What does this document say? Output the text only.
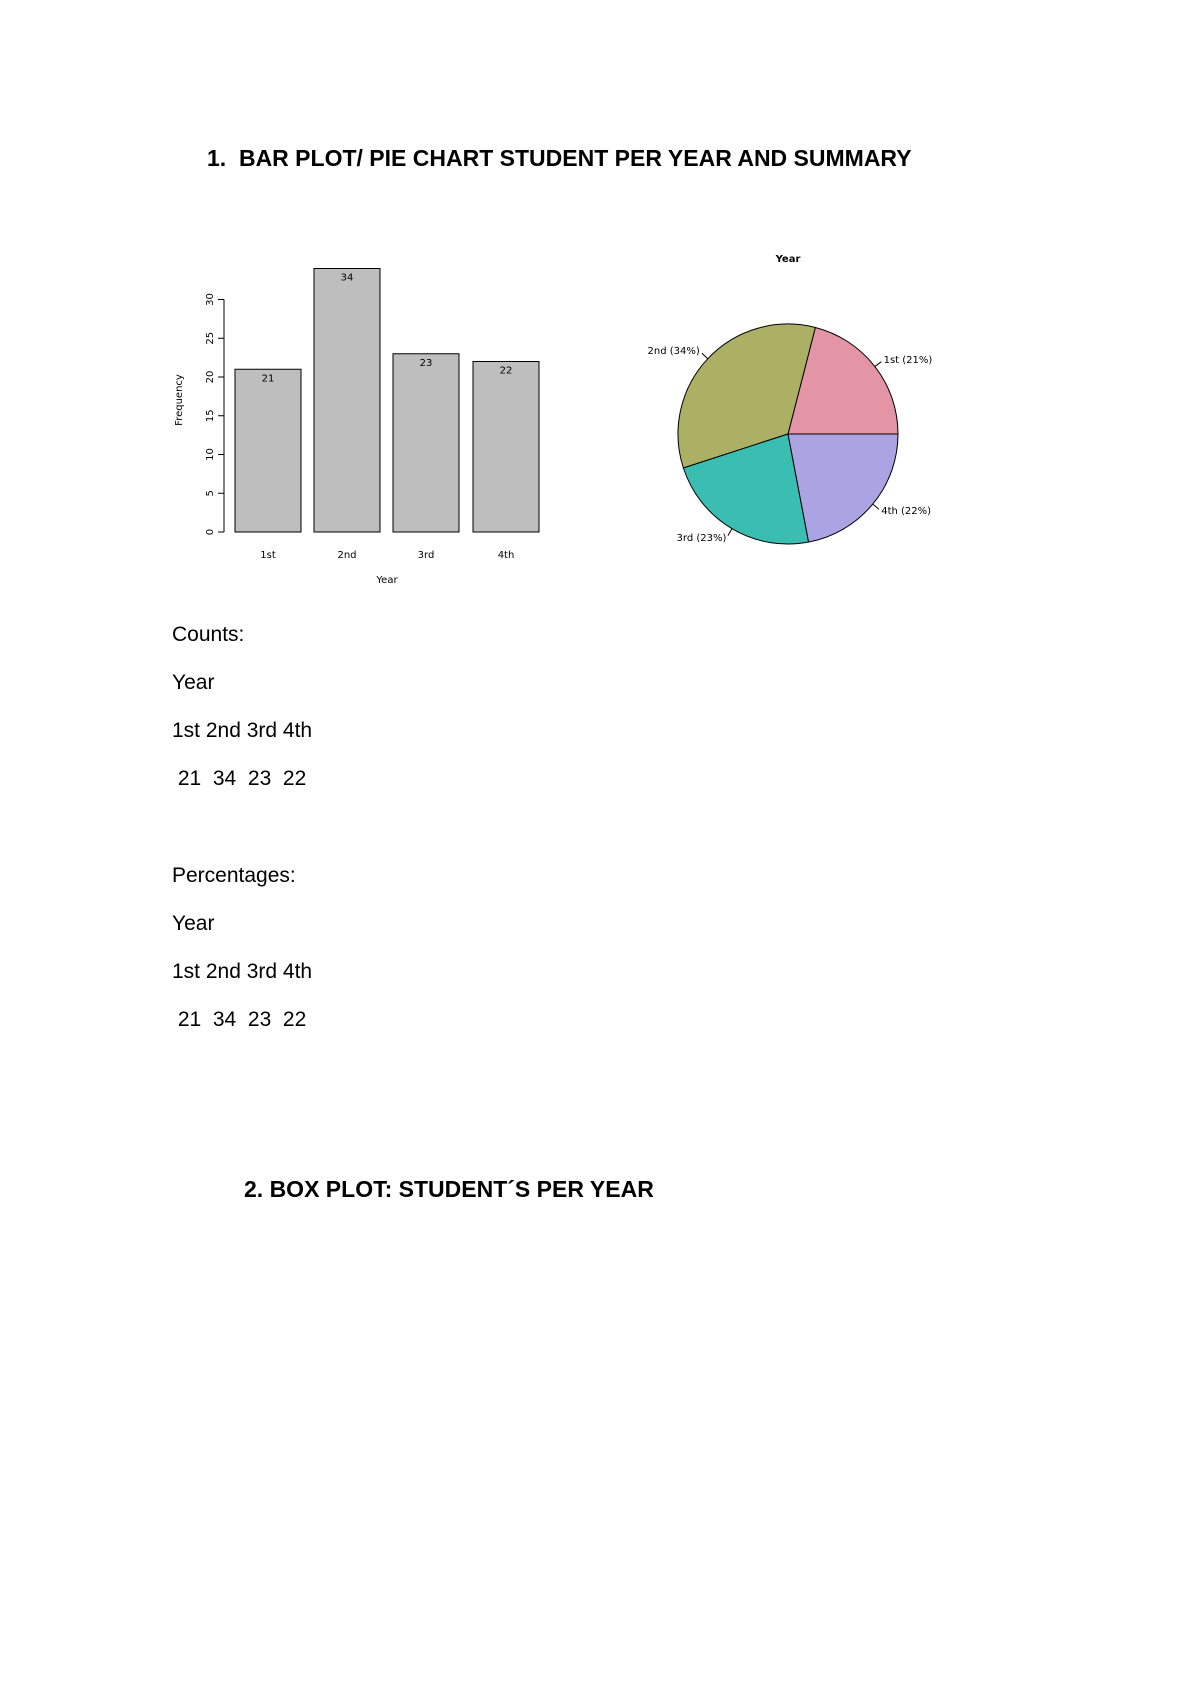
1.  BAR PLOT/ PIE CHART STUDENT PER YEAR AND SUMMARY
0
5
10
15
20
25
30
Frequency	21
1st
34
2nd
23
3rd
22
4th
Year
Year
1st (21%)
2nd (34%)
3rd (23%)
4th (22%)
Counts:
Year
1st 2nd 3rd 4th
21  34  23  22
Percentages:
Year
1st 2nd 3rd 4th
21  34  23  22
2. BOX PLOT: STUDENT´S PER YEAR
